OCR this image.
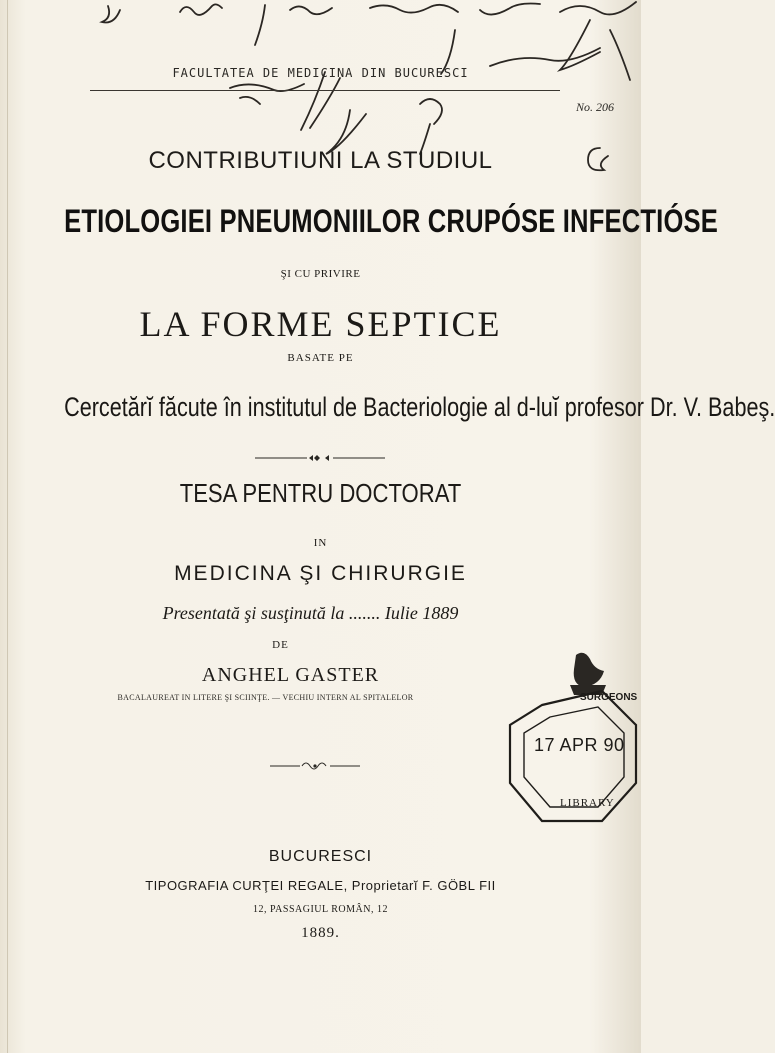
FACULTATEA DE MEDICINA DIN BUCURESCI
No. 206
CONTRIBUTIUNI LA STUDIUL
ETIOLOGIEI PNEUMONIILOR CRUPÓSE INFECTIÓSE
ŞI CU PRIVIRE
LA FORME SEPTICE
BASATE PE
Cercetărĭ făcute în institutul de Bacteriologie al d-luĭ profesor Dr. V. Babeş.
TESA PENTRU DOCTORAT
IN
MEDICINA ŞI CHIRURGIE
Presentată şi susţinută la ....... Iulie 1889
DE
ANGHEL GASTER
BACALAUREAT IN LITERE ŞI SCIINŢE. — VECHIU INTERN AL SPITALELOR
BUCURESCI
TIPOGRAFIA CURŢEI REGALE, Proprietarĭ F. GÖBL FII
12, PASSAGIUL ROMÂN, 12
1889.
SURGEONS
17 APR 90
LIBRARY
